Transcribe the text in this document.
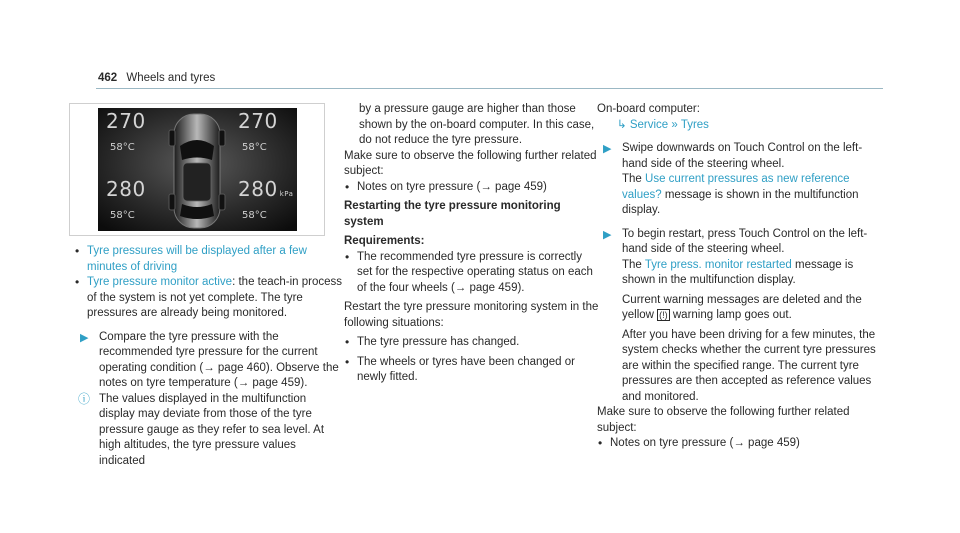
462 Wheels and tyres
270
58°C
270
58°C
280
58°C
280 kPa
58°C

• Tyre pressures will be displayed after a few minutes of driving

• Tyre pressure monitor active: the teach-in process of the system is not yet complete. The tyre pressures are already being monitored.

▶ Compare the tyre pressure with the recommended tyre pressure for the current operating condition (→ page 460). Observe the notes on tyre temperature (→ page 459).

ⓘ The values displayed in the multifunction display may deviate from those of the tyre pressure gauge as they refer to sea level. At high altitudes, the tyre pressure values indicated

by a pressure gauge are higher than those shown by the on-board computer. In this case, do not reduce the tyre pressure.

Make sure to observe the following further related subject:

• Notes on tyre pressure (→ page 459)

Restarting the tyre pressure monitoring system

Requirements:

• The recommended tyre pressure is correctly set for the respective operating status on each of the four wheels (→ page 459).

Restart the tyre pressure monitoring system in the following situations:

• The tyre pressure has changed.

• The wheels or tyres have been changed or newly fitted.

On-board computer:

↳ Service » Tyres

▶ Swipe downwards on Touch Control on the left-hand side of the steering wheel.

The Use current pressures as new reference values? message is shown in the multifunction display.

▶ To begin restart, press Touch Control on the left-hand side of the steering wheel.

The Tyre press. monitor restarted message is shown in the multifunction display.

Current warning messages are deleted and the yellow (!) warning lamp goes out.

After you have been driving for a few minutes, the system checks whether the current tyre pressures are within the specified range. The current tyre pressures are then accepted as reference values and monitored.

Make sure to observe the following further related subject:

• Notes on tyre pressure (→ page 459)
